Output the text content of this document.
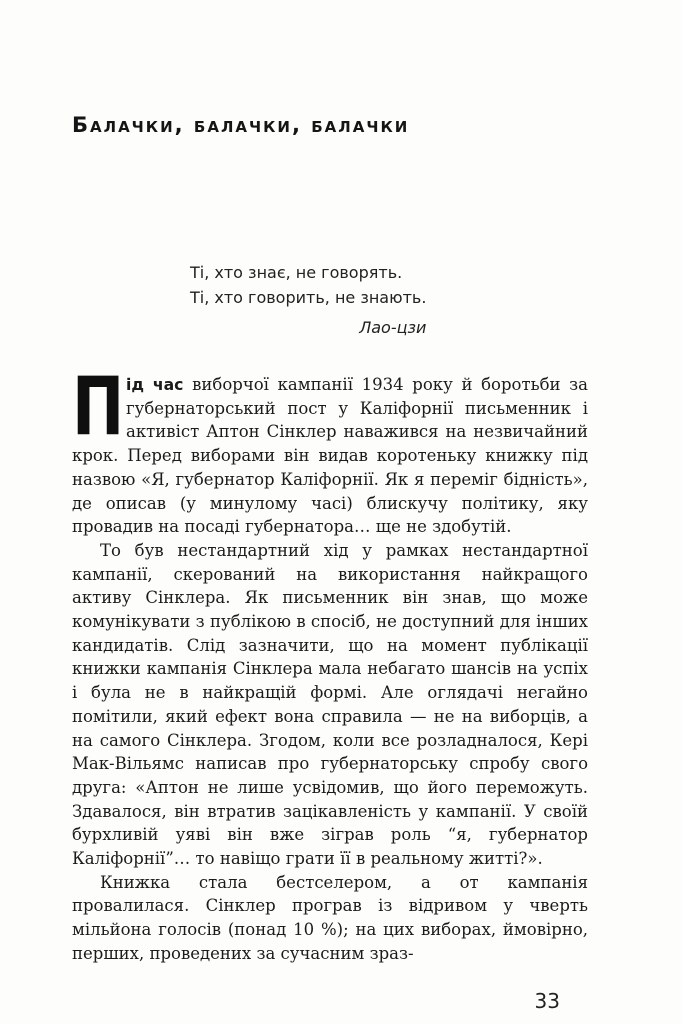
Балачки, балачки, балачки
Ті, хто знає, не говорять.
Ті, хто говорить, не знають.
Лао-цзи

Під час виборчої кампанії 1934 року й боротьби за губернаторський пост у Каліфорнії письменник і активіст Аптон Сінклер наважився на незвичайний крок. Перед виборами він видав коротеньку книжку під назвою «Я, губернатор Каліфорнії. Як я переміг бідність», де описав (у минулому часі) блискучу політику, яку провадив на посаді губернатора… ще не здобутій.

То був нестандартний хід у рамках нестандартної кампанії, скерований на використання найкращого активу Сінклера. Як письменник він знав, що може комунікувати з публікою в спосіб, не доступний для інших кандидатів. Слід зазначити, що на момент публікації книжки кампанія Сінклера мала небагато шансів на успіх і була не в найкращій формі. Але оглядачі негайно помітили, який ефект вона справила — не на виборців, а на самого Сінклера. Згодом, коли все розладналося, Кері Мак-Вільямс написав про губернаторську спробу свого друга: «Аптон не лише усвідомив, що його переможуть. Здавалося, він втратив зацікавленість у кампанії. У своїй бурхливій уяві він вже зіграв роль “я, губернатор Каліфорнії”… то навіщо грати її в реальному житті?».

Книжка стала бестселером, а от кампанія провалилася. Сінклер програв із відривом у чверть мільйона голосів (понад 10 %); на цих виборах, ймовірно, перших, проведених за сучасним зраз-

33
